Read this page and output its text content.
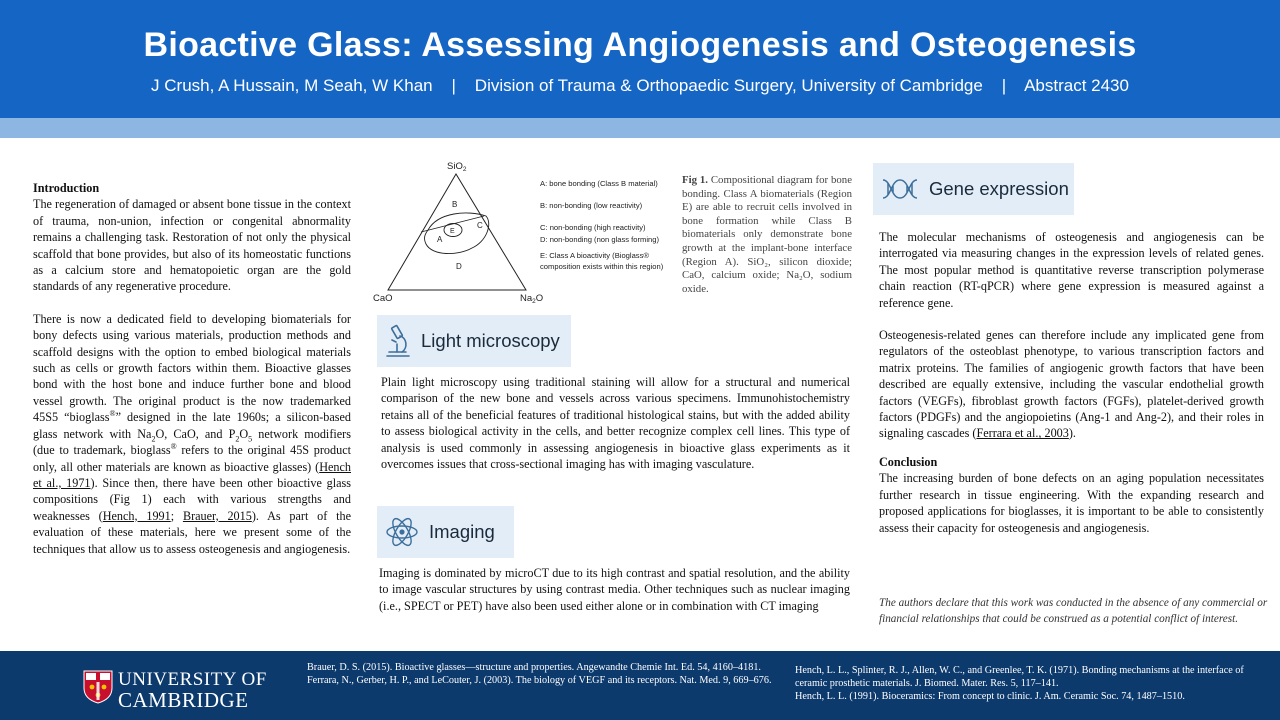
Bioactive Glass: Assessing Angiogenesis and Osteogenesis
J Crush, A Hussain, M Seah, W Khan    |    Division of Trauma & Orthopaedic Surgery, University of Cambridge    |    Abstract 2430

Introduction

The regeneration of damaged or absent bone tissue in the context of trauma, non-union, infection or congenital abnormality remains a challenging task. Restoration of not only the physical scaffold that bone provides, but also of its homeostatic functions as a calcium store and hematopoietic organ are the gold standards of any regenerative procedure.

There is now a dedicated field to developing biomaterials for bony defects using various materials, production methods and scaffold designs with the option to embed biological materials such as cells or growth factors within them. Bioactive glasses bond with the host bone and induce further bone and blood vessel growth. The original product is the now trademarked 45S5 “bioglass®” designed in the late 1960s; a silicon-based glass network with $Na_2O$, CaO, and $P_2O_5$ network modifiers (due to trademark, bioglass® refers to the original 45S product only, all other materials are known as bioactive glasses) (Hench et al., 1971). Since then, there have been other bioactive glass compositions (Fig 1) each with various strengths and weaknesses (Hench, 1991; Brauer, 2015). As part of the evaluation of these materials, here we present some of the techniques that allow us to assess osteogenesis and angiogenesis.

SiO$_2$
B
A
E
C
D
CaO	$Na_2O$
A: bone bonding (Class B material)
B: non-bonding (low reactivity)
C: non-bonding (high reactivity)
D: non-bonding (non glass forming)
E: Class A bioactivity (Bioglass®
composition exists within this region)
Fig 1. Compositional diagram for bone bonding. Class A biomaterials (Region E) are able to recruit cells involved in bone formation while Class B biomaterials only demonstrate bone growth at the implant-bone interface (Region A). SiO₂, silicon dioxide; CaO, calcium oxide; Na₂O, sodium oxide.
Light microscopy
Plain light microscopy using traditional staining will allow for a structural and numerical comparison of the new bone and vessels across various specimens. Immunohistochemistry retains all of the beneficial features of traditional histological stains, but with the added ability to assess biological activity in the cells, and better recognize complex cell lines. This type of analysis is used commonly in assessing angiogenesis in bioactive glass experiments as it overcomes issues that cross-sectional imaging has with imaging vasculature.
Imaging
Imaging is dominated by microCT due to its high contrast and spatial resolution, and the ability to image vascular structures by using contrast media. Other techniques such as nuclear imaging (i.e., SPECT or PET) have also been used either alone or in combination with CT imaging
Gene expression

The molecular mechanisms of osteogenesis and angiogenesis can be interrogated via measuring changes in the expression levels of related genes. The most popular method is quantitative reverse transcription polymerase chain reaction (RT-qPCR) where gene expression is measured against a reference gene.

Osteogenesis-related genes can therefore include any implicated gene from regulators of the osteoblast phenotype, to various transcription factors and matrix proteins. The families of angiogenic growth factors that have been described are equally extensive, including the vascular endothelial growth factors (VEGFs), fibroblast growth factors (FGFs), platelet-derived growth factors (PDGFs) and the angiopoietins (Ang-1 and Ang-2), and their roles in signaling cascades (Ferrara et al., 2003).

Conclusion

The increasing burden of bone defects on an aging population necessitates further research in tissue engineering. With the expanding research and proposed applications for bioglasses, it is important to be able to consistently assess their capacity for osteogenesis and angiogenesis.

The authors declare that this work was conducted in the absence of any commercial or financial relationships that could be construed as a potential conflict of interest.
UNIVERSITY OF
CAMBRIDGE
Brauer, D. S. (2015). Bioactive glasses—structure and properties. Angewandte Chemie Int. Ed. 54, 4160–4181.
Ferrara, N., Gerber, H. P., and LeCouter, J. (2003). The biology of VEGF and its receptors. Nat. Med. 9, 669–676.
Hench, L. L., Splinter, R. J., Allen, W. C., and Greenlee, T. K. (1971). Bonding mechanisms at the interface of ceramic prosthetic materials. J. Biomed. Mater. Res. 5, 117–141.
Hench, L. L. (1991). Bioceramics: From concept to clinic. J. Am. Ceramic Soc. 74, 1487–1510.
